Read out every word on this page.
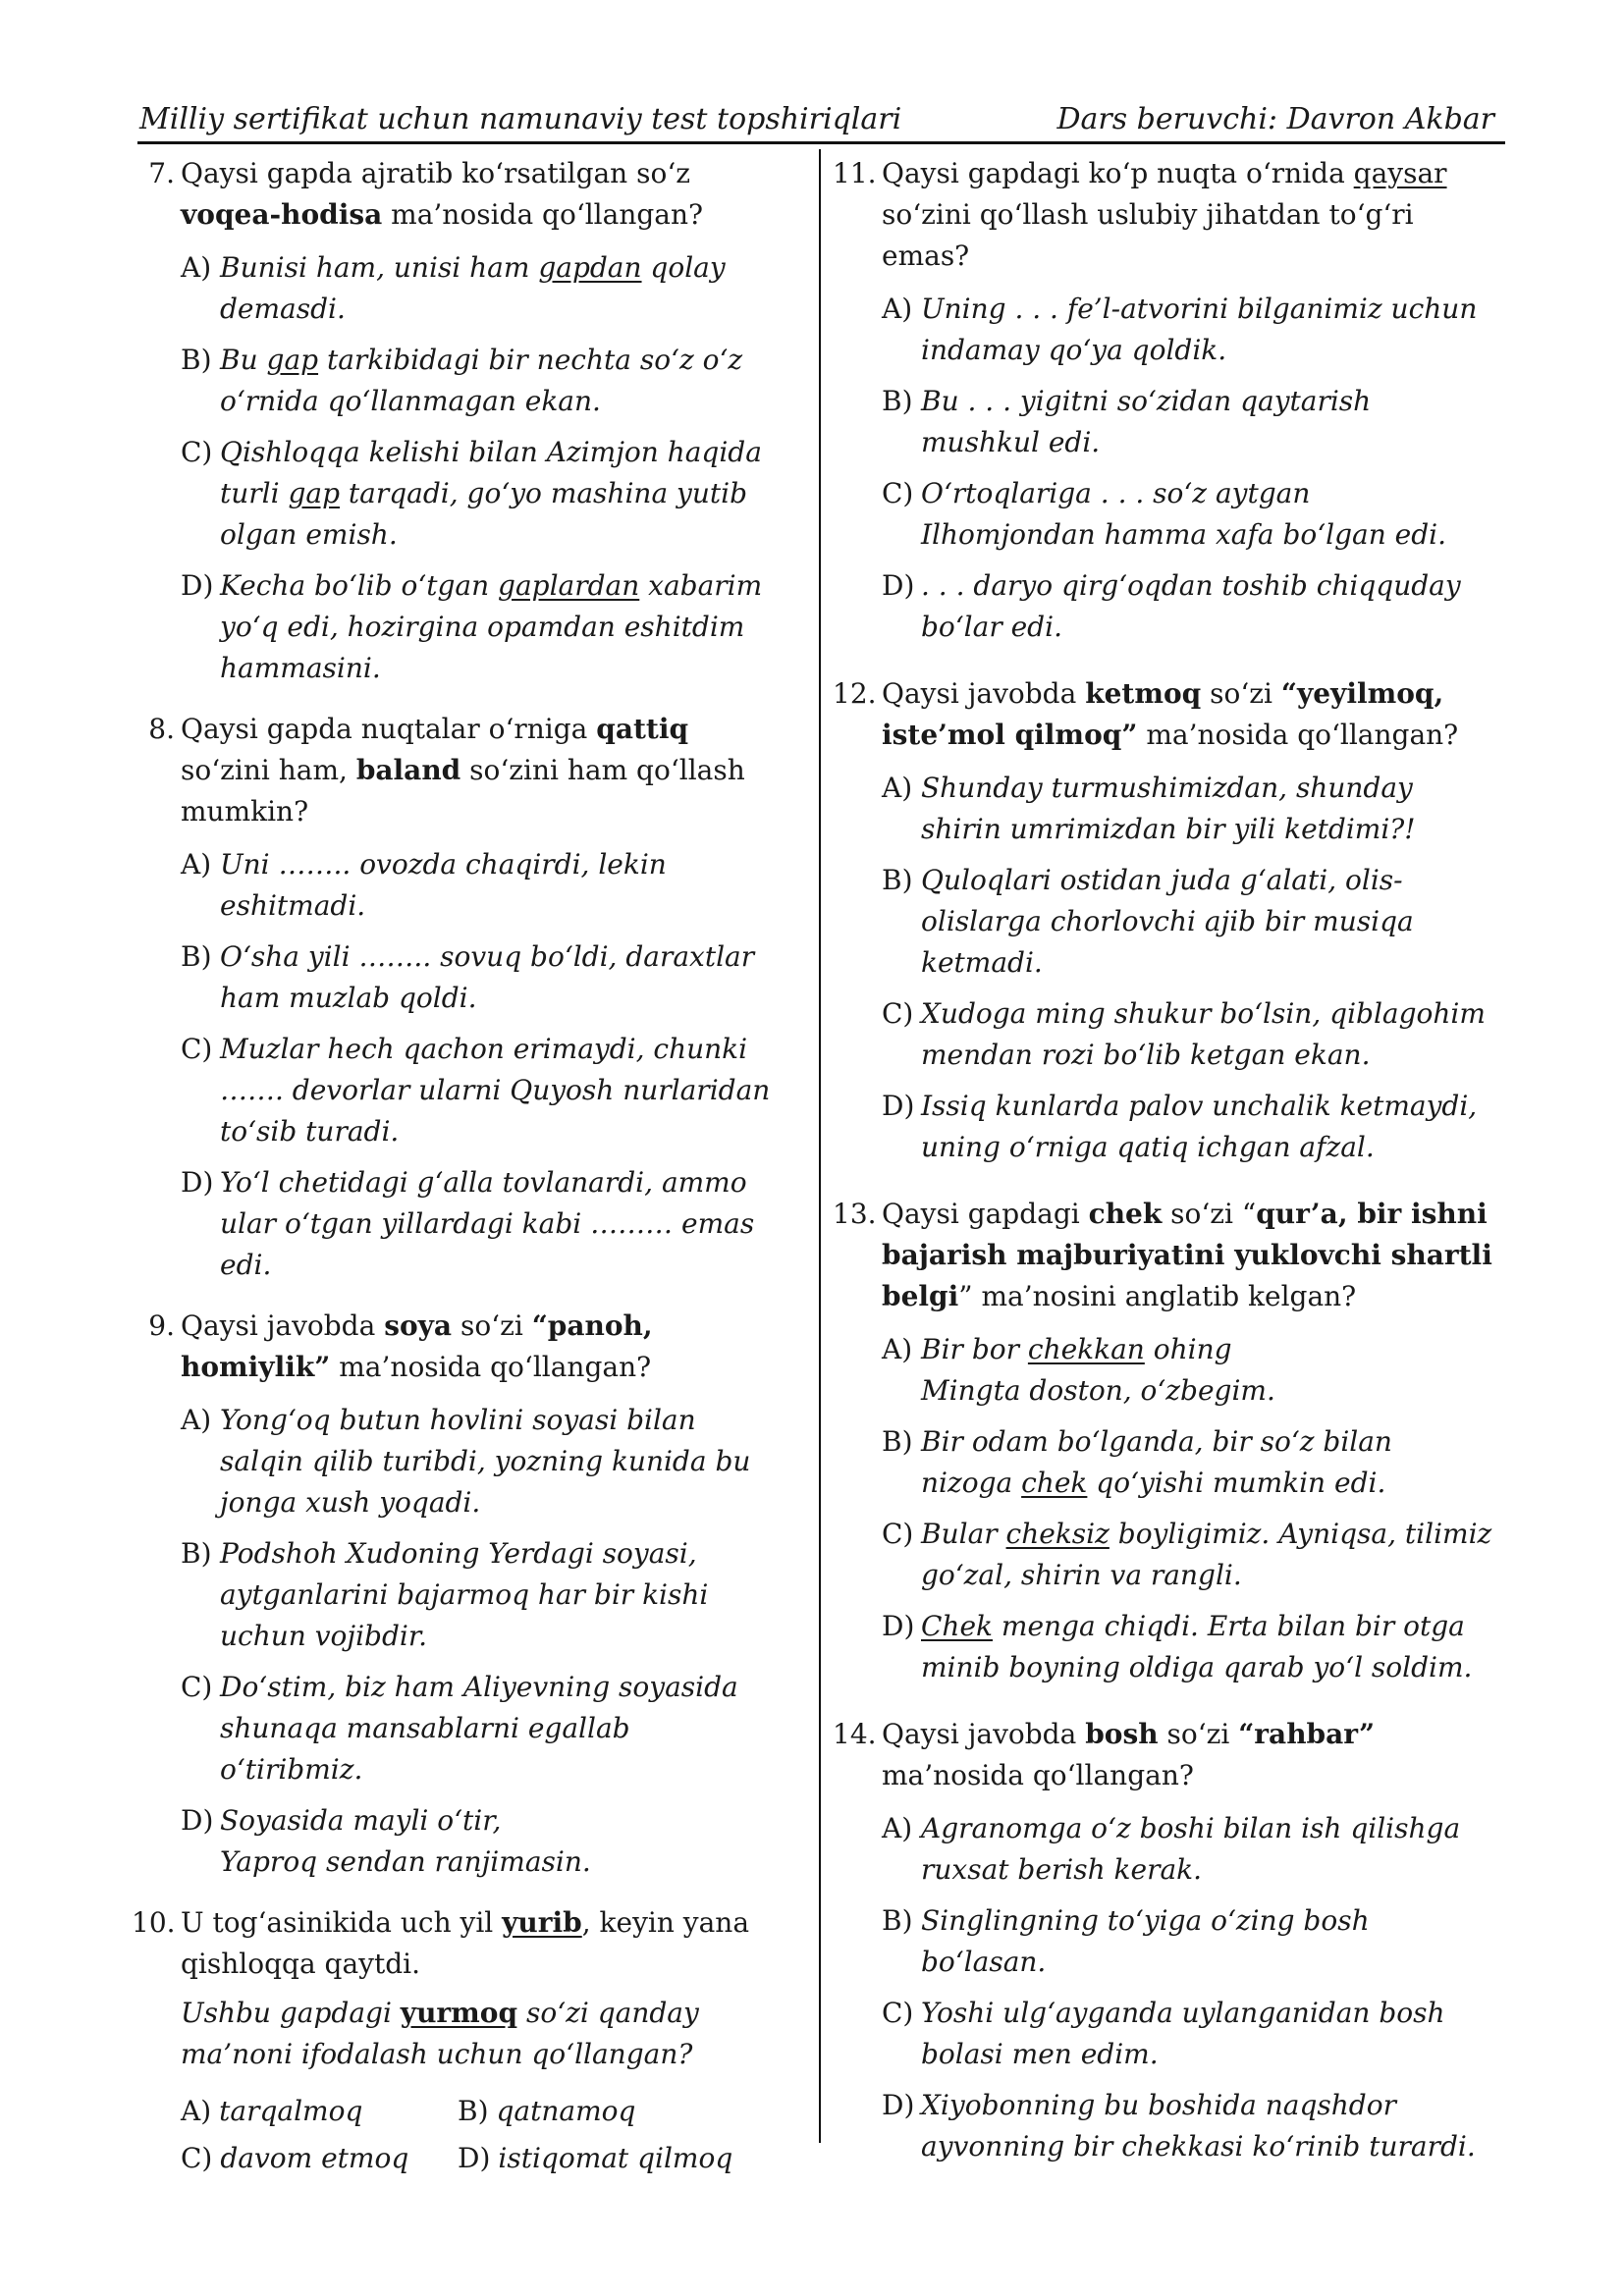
Milliy sertifikat uchun namunaviy test topshiriqlari	Dars beruvchi: Davron Akbar
7. Qaysi gapda ajratib ko‘rsatilgan so‘z voqea-hodisa ma’nosida qo‘llangan?
A) Bunisi ham, unisi ham gapdan qolay demasdi.
B) Bu gap tarkibidagi bir nechta so‘z o‘z o‘rnida qo‘llanmagan ekan.
C) Qishloqqa kelishi bilan Azimjon haqida turli gap tarqadi, go‘yo mashina yutib olgan emish.
D) Kecha bo‘lib o‘tgan gaplardan xabarim yo‘q edi, hozirgina opamdan eshitdim hammasini.
8. Qaysi gapda nuqtalar o‘rniga qattiq so‘zini ham, baland so‘zini ham qo‘llash mumkin?
A) Uni …….. ovozda chaqirdi, lekin eshitmadi.
B) O‘sha yili …….. sovuq bo‘ldi, daraxtlar ham muzlab qoldi.
C) Muzlar hech qachon erimaydi, chunki ……. devorlar ularni Quyosh nurlaridan to‘sib turadi.
D) Yo‘l chetidagi g‘alla tovlanardi, ammo ular o‘tgan yillardagi kabi ……… emas edi.
9. Qaysi javobda soya so‘zi “panoh, homiylik” ma’nosida qo‘llangan?
A) Yong‘oq butun hovlini soyasi bilan salqin qilib turibdi, yozning kunida bu jonga xush yoqadi.
B) Podshoh Xudoning Yerdagi soyasi, aytganlarini bajarmoq har bir kishi uchun vojibdir.
C) Do‘stim, biz ham Aliyevning soyasida shunaqa mansablarni egallab o‘tiribmiz.
D) Soyasida mayli o‘tir,
Yaproq sendan ranjimasin.
10. U tog‘asinikida uch yil yurib, keyin yana qishloqqa qaytdi.
Ushbu gapdagi yurmoq so‘zi qanday ma’noni ifodalash uchun qo‘llangan?
A) tarqalmoq	B) qatnamoq
C) davom etmoq	D) istiqomat qilmoq
11. Qaysi gapdagi ko‘p nuqta o‘rnida qaysar so‘zini qo‘llash uslubiy jihatdan to‘g‘ri emas?
A) Uning . . . fe’l-atvorini bilganimiz uchun indamay qo‘ya qoldik.
B) Bu . . . yigitni so‘zidan qaytarish mushkul edi.
C) O‘rtoqlariga . . . so‘z aytgan Ilhomjondan hamma xafa bo‘lgan edi.
D) . . . daryo qirg‘oqdan toshib chiqquday bo‘lar edi.
12. Qaysi javobda ketmoq so‘zi “yeyilmoq, iste’mol qilmoq” ma’nosida qo‘llangan?
A) Shunday turmushimizdan, shunday shirin umrimizdan bir yili ketdimi?!
B) Quloqlari ostidan juda g‘alati, olis-olislarga chorlovchi ajib bir musiqa ketmadi.
C) Xudoga ming shukur bo‘lsin, qiblagohim mendan rozi bo‘lib ketgan ekan.
D) Issiq kunlarda palov unchalik ketmaydi, uning o‘rniga qatiq ichgan afzal.
13. Qaysi gapdagi chek so‘zi “qur’a, bir ishni bajarish majburiyatini yuklovchi shartli belgi” ma’nosini anglatib kelgan?
A) Bir bor chekkan ohing
Mingta doston, o‘zbegim.
B) Bir odam bo‘lganda, bir so‘z bilan nizoga chek qo‘yishi mumkin edi.
C) Bular cheksiz boyligimiz. Ayniqsa, tilimiz go‘zal, shirin va rangli.
D) Chek menga chiqdi. Erta bilan bir otga minib boyning oldiga qarab yo‘l soldim.
14. Qaysi javobda bosh so‘zi “rahbar” ma’nosida qo‘llangan?
A) Agranomga o‘z boshi bilan ish qilishga ruxsat berish kerak.
B) Singlingning to‘yiga o‘zing bosh bo‘lasan.
C) Yoshi ulg‘ayganda uylanganidan bosh bolasi men edim.
D) Xiyobonning bu boshida naqshdor ayvonning bir chekkasi ko‘rinib turardi.
